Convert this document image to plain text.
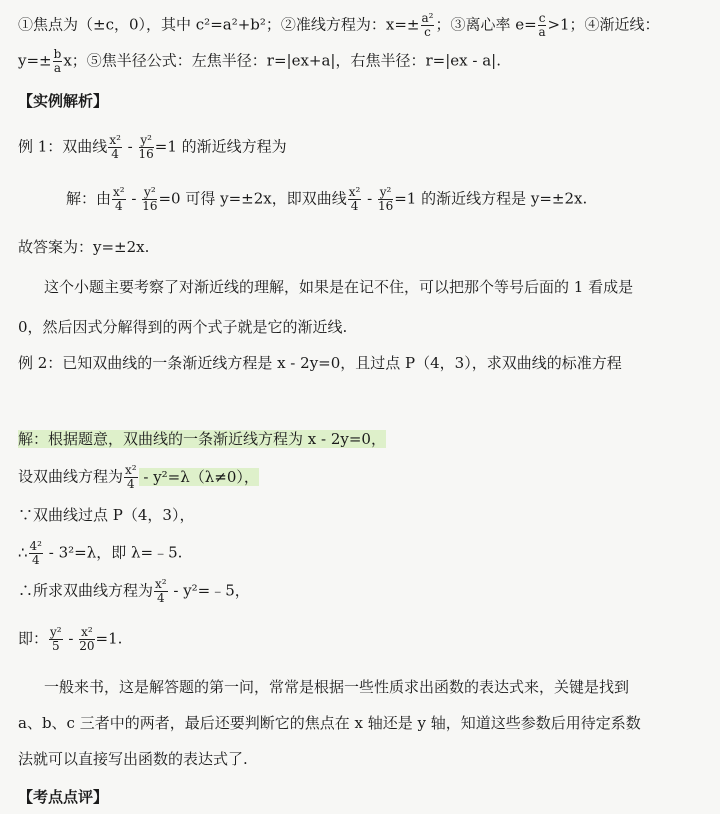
①焦点为（±c，0），其中 c²=a²+b²；②准线方程为：$x=\pm \frac{\text{a²}}{c}$ ；③离心率 $e= \frac{c}{a} >1$；④渐近线：
$y=\pm \frac{b}{a}$ x；⑤焦半径公式：左焦半径：r=|ex+a|，右焦半径：r=|ex - a|.
【实例解析】
例 1：双曲线 $\frac{\text{x²}}{4} - \frac{\text{y²}}{16} =1$ 的渐近线方程为
解：由 $\frac{\text{x²}}{4} - \frac{\text{y²}}{16} =0$ 可得 y=±2x，即双曲线 $\frac{\text{x²}}{4} - \frac{\text{y²}}{16} =1$ 的渐近线方程是 y=±2x.
故答案为：y=±2x.
这个小题主要考察了对渐近线的理解，如果是在记不住，可以把那个等号后面的 1 看成是
0，然后因式分解得到的两个式子就是它的渐近线.
例 2：已知双曲线的一条渐近线方程是 x - 2y=0，且过点 P（4，3），求双曲线的标准方程
解：根据题意，双曲线的一条渐近线方程为 x - 2y=0，
设双曲线方程为 $\frac{\text{x²}}{4} - y^2=\lambda(\lambda\ne 0)$，
∵双曲线过点 P（4，3），
∴ $\frac{\text{4²}}{4} - 3^2=\lambda$，即 λ=﹣5.
∴所求双曲线方程为 $\frac{\text{x²}}{4}$ - y²=﹣5，
即： $\frac{\text{y²}}{5} - \frac{\text{x²}}{20} =1$.
一般来书，这是解答题的第一问，常常是根据一些性质求出函数的表达式来，关键是找到
a、b、c 三者中的两者，最后还要判断它的焦点在 x 轴还是 y 轴，知道这些参数后用待定系数
法就可以直接写出函数的表达式了.
【考点点评】
